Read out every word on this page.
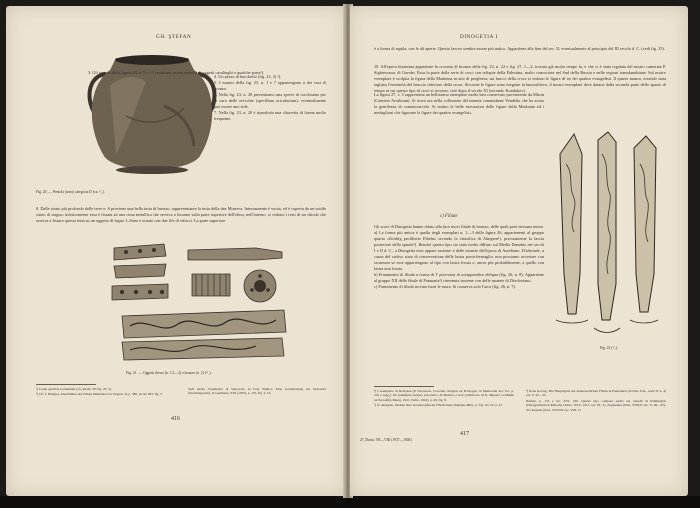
GH. ŞTEFAN
Fig. 20. — Pentola (urna) categoria D (ca. ¹/₆).

4. Un pezzo di bucchetto (fig. 23, 2) ²).

5. I manici della fig. 23, n. 1 e 7 appartengono a dei vasi di bronzo.

6. Nella fig. 23, n. 28 presentiamo una specie di cucchiaino per la cura delle orecchie (specillum oricularium); eventualmente può essere uno stile.

7. Nella fig. 23, n. 20 è riprodotta una chiavetta di forma molto frequente.

3. Gli oggetti della figura 23, n. 5 e 13 sembrano essere annessi di oggetti casalinghi o qualche porta¹).

8. Dalle strato più profondo delle terre n. 6 proviene una bella testa di bronzo, rappresentante la testa della dea Minerva. Internamente è vuota, ed è coperta da un sottile strato di stagno; inferiormente essa è fissata ad una cima metallica che serviva a fissarne sulla parte superiore dell'elmo, nell'interno, si vedono i resti di un chiodo che serviva a fissare questa testa su un oggetto di legno. L'elmo è ornato con due file di vitticci. La parte superiore

Fig. 21. — Oggetti d'osso (n. 1,5—3) e bronzo (n. 2) (¹/₂).

¹) Come quelli di Carnuntum (cfr. RLiÖ, VII fig. 20, 5).

²) Cfr. J. Hampel, Alterthümer des frühen Mittelalters in Ungarn, II, p. 386, tavola 283, fig. 3.

Vedi anche l'esemplare di Sadowetz, in Ivan Welkov, Eine Gotenfestung bei Sadowetz (Nordbulgarien), in Germania, XIX (1935), p. 155, fig. 3, 16.

416
DINOGETIA I

è a forma di aquila, con le ali aperte. Questo lavoro sembra essere più antico. Appartiene alla fine del sec. II, eventualmente al principio del III secolo d. C. (vedi fig. 25).

10. All'epoca bizantina appartiene la crocetta di bronzo delle fig. 23, n. 22 e fig. 27, 1—2, trovata già molto tempo fa, e che ci è stata regalata dal nostro camerata P. Sigărescanu, di Garvăn. Essa fa parte della serie di croci con reliquie della Palestina, molto conosciute nel Sud della Russia e nelle regioni transdanubiane. Sul nostro esemplare è scolpita la figura della Madonna in atto di preghiera; sui bracci della croce si vedono le figure di tre dei quattro evangelisti. Il quarto manca, essendo stata tagliata l'estremità del braccio inferiore della croce. Siccome le figure sono eseguite in bassorilievo, il nostro esemplare deve datarsi dalla seconda parte dello spazio di tempo in cui questo tipo di croci si trovano, cioè dopo il secolo XI (secondo Kondakov).

La figura 27, v. 3 rappresenta un bellissimo esemplare molto ben conservato proveniente da Măcin (Cantiere Arrubium). Si trova ora nella collezione del tenente comandante Vendelin che ha avuto la gentilezza di comunicarcelo. Si notino le belle esecuzioni delle figure della Madonna ed i medaglioni che figurano le figure dei quattro evangelisti.

c) Fibule

Gli scavi di Dinogetia hanno ridato alla luce movi fibule di bronzo, delle quali però nessuna intera.

a) La forma più antica è quella degli esemplari n. 1—3 della figura 26, appartenenti al gruppo quarto «Kräftig profilierte Fibeln» secondo la classifica di Almgren¹), precisamente la fascia posteriore della spirale²). Benché questo tipo sia stato molto diffuso sul Medio Danubio nei secoli I e II d. C., a Dinogetia esso appare assieme a delle monete dell'epoca di Aureliano. D'altronde, a causa del cattivo stato di conservazione della lastra porta-fermaglio, non possiamo accertare con sicurezza se esse appartengono al tipo con lastra forata o, ancor più probabilmente, a quello con lastra non forata.

b) Frammento di fibula a forma di T provvista di un'appendice obliqua (fig. 26, n. 8). Appartiene al gruppo XII delle fibule di Pannonia³) rinvenuta insieme con delle monete di Diocleziano.

c) Frammento di fibula trovato fuori le mura. Si conserva solo l'arco (fig. 26, n. 7).

Fig. 22 (¹/₁).

¹) L'esemplare di Dobrjanu (P. Nicorescu, Cercetări relagiste de Dobrogea, in Memoriile Sec. Ist., p. 225 e segg.). Un esemplare bulgaro più antico, di Mezdra, è stato pubblicato da K. Mijatev, Godišnik na Narodnija Muzej, 1921 (Sofia, 1922), p. 20, fig. 8.

²) O. Almgren, Studien über nordeuropäische Fibelformen (Mannus-Bibl., n. 32), tav. IV, n. 47.

³) Ilona Kovrig, Die Haupttypen der kaiserzeitlichen Fibeln in Pannonien (in Diss. Pan., serie II, n. 4) tav. V, 43—45.

Ibidem, p. 174 e tav. XVI, 166. Questo tipo compare anche nei castelli di Palmington (Obergermanisch-Rätische Limes, XXV, 1915, tav. IX, 5), Zugmantel (ibid., XXXII, tav. X, 66—67), di Cannstatt (ibid., XXVIII, tav. VIII, 7).

27, Dacia, VII—VIII (1937—1940).
417
